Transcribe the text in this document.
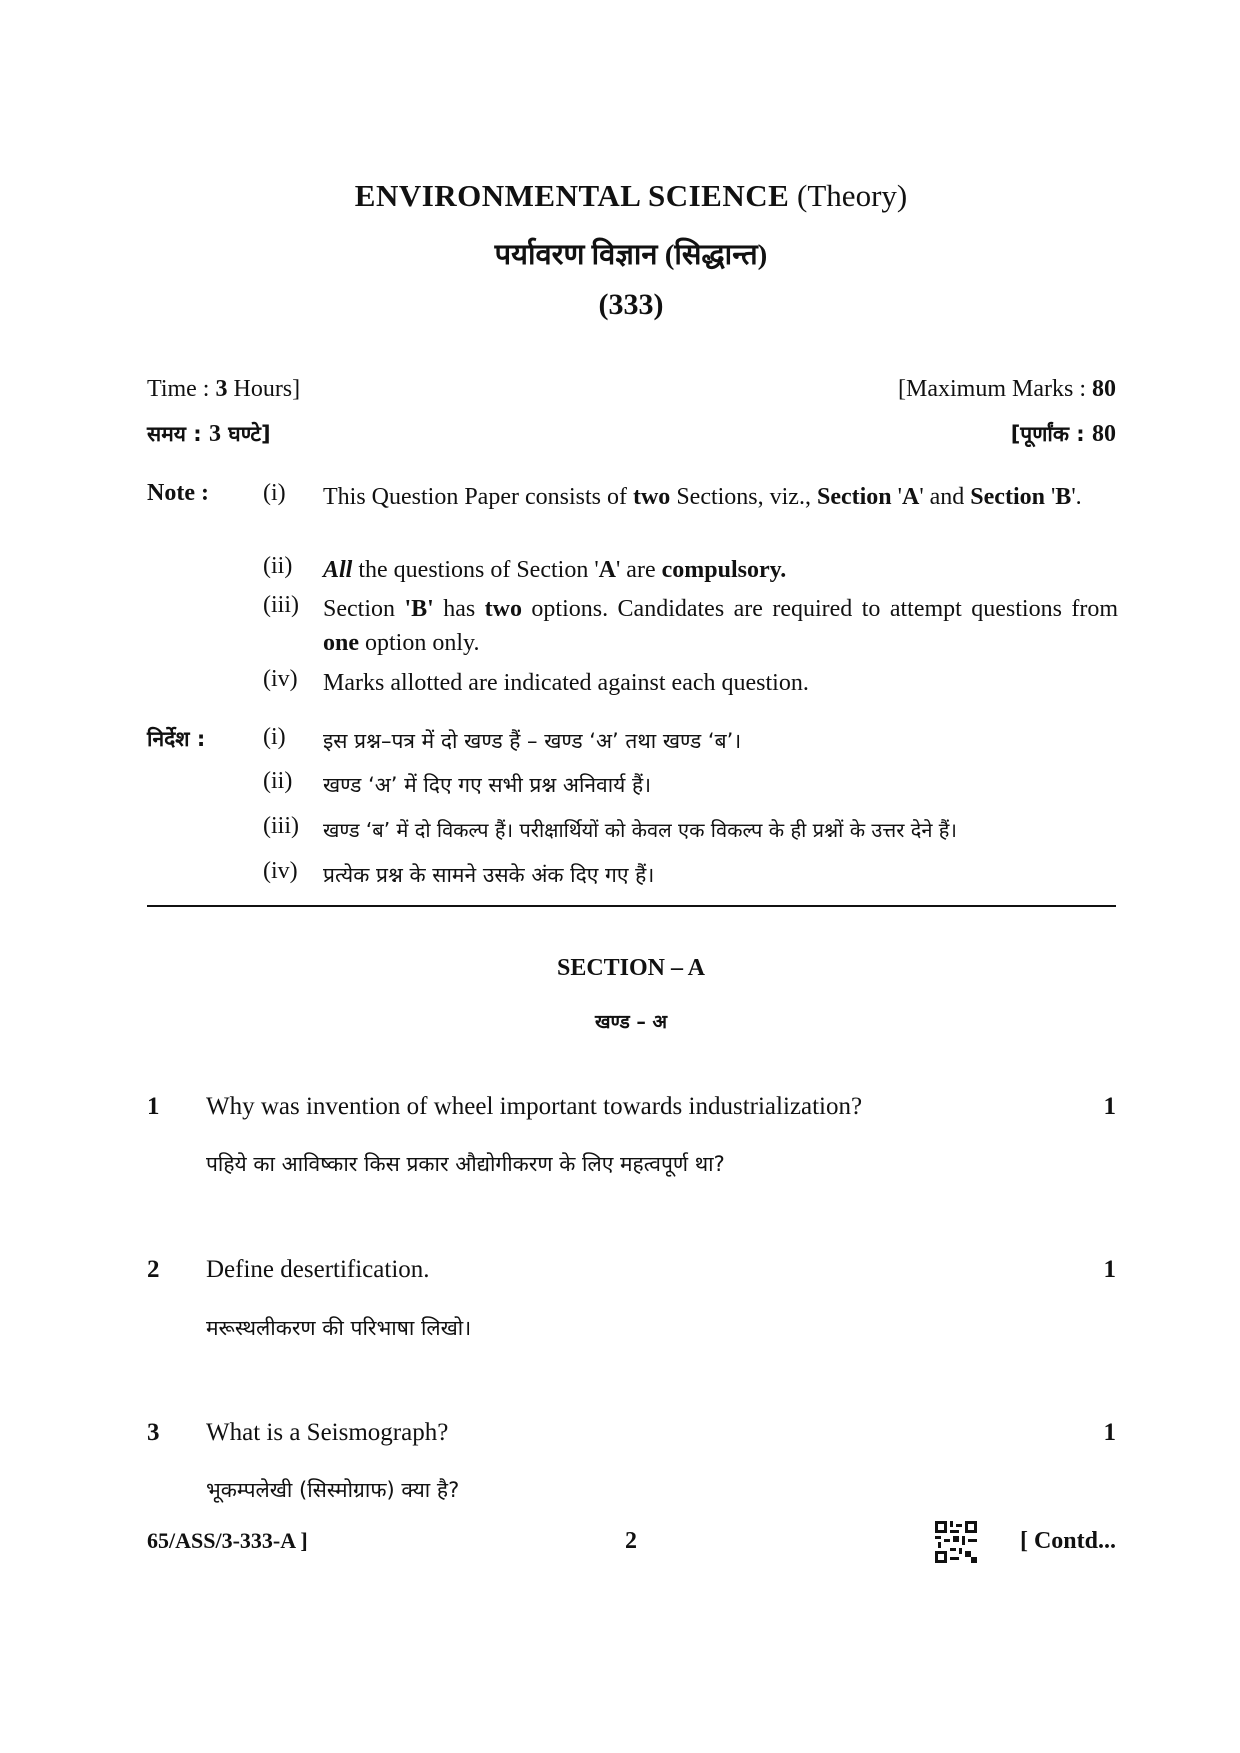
ENVIRONMENTAL SCIENCE (Theory)
पर्यावरण विज्ञान (सिद्धान्त)
(333)
Time : 3 Hours]	[Maximum Marks : 80
समय : 3 घण्टे]	[पूर्णांक : 80
Note : (i) This Question Paper consists of two Sections, viz., Section 'A' and Section 'B'.
(ii) All the questions of Section 'A' are compulsory.
(iii) Section 'B' has two options. Candidates are required to attempt questions from one option only.
(iv) Marks allotted are indicated against each question.
निर्देश : (i) इस प्रश्न–पत्र में दो खण्ड हैं – खण्ड ‘अ’ तथा खण्ड ‘ब’।
(ii) खण्ड ‘अ’ में दिए गए सभी प्रश्न अनिवार्य हैं।
(iii) खण्ड ‘ब’ में दो विकल्प हैं। परीक्षार्थियों को केवल एक विकल्प के ही प्रश्नों के उत्तर देने हैं।
(iv) प्रत्येक प्रश्न के सामने उसके अंक दिए गए हैं।
SECTION – A
खण्ड – अ
1 Why was invention of wheel important towards industrialization?	1
पहिये का आविष्कार किस प्रकार औद्योगीकरण के लिए महत्वपूर्ण था?
2 Define desertification.	1
मरूस्थलीकरण की परिभाषा लिखो।
3 What is a Seismograph?	1
भूकम्पलेखी (सिस्मोग्राफ) क्या है?
65/ASS/3-333-A ]	2	[ Contd...
